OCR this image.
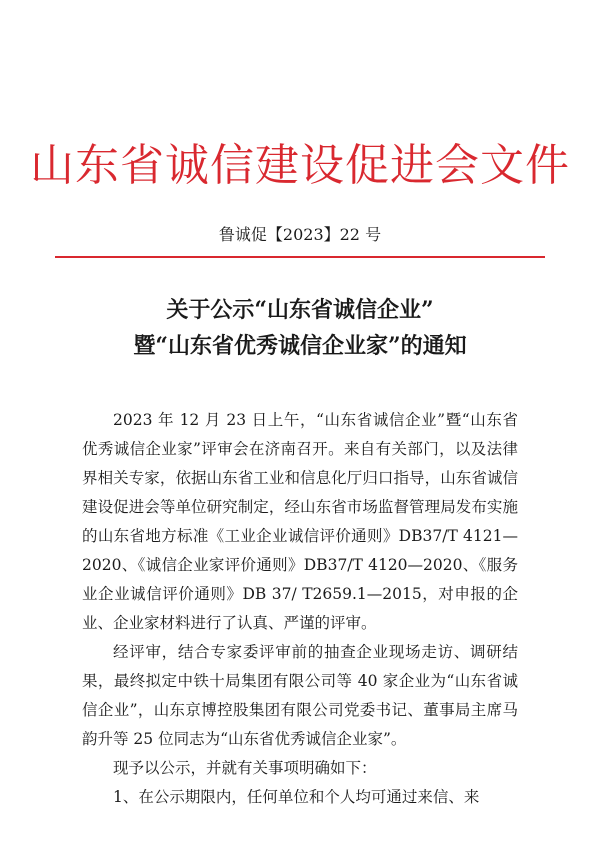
山东省诚信建设促进会文件
鲁诚促【2023】22 号
关于公示“山东省诚信企业”
暨“山东省优秀诚信企业家”的通知

2023 年 12 月 23 日上午，“山东省诚信企业”暨“山东省优秀诚信企业家”评审会在济南召开。来自有关部门，以及法律界相关专家，依据山东省工业和信息化厅归口指导，山东省诚信建设促进会等单位研究制定，经山东省市场监督管理局发布实施的山东省地方标准《工业企业诚信评价通则》DB37/T 4121—2020、《诚信企业家评价通则》DB37/T 4120—2020、《服务业企业诚信评价通则》DB 37/ T2659.1—2015，对申报的企业、企业家材料进行了认真、严谨的评审。

经评审，结合专家委评审前的抽查企业现场走访、调研结果，最终拟定中铁十局集团有限公司等 40 家企业为“山东省诚信企业”，山东京博控股集团有限公司党委书记、董事局主席马韵升等 25 位同志为“山东省优秀诚信企业家”。

现予以公示，并就有关事项明确如下：

1、在公示期限内，任何单位和个人均可通过来信、来
